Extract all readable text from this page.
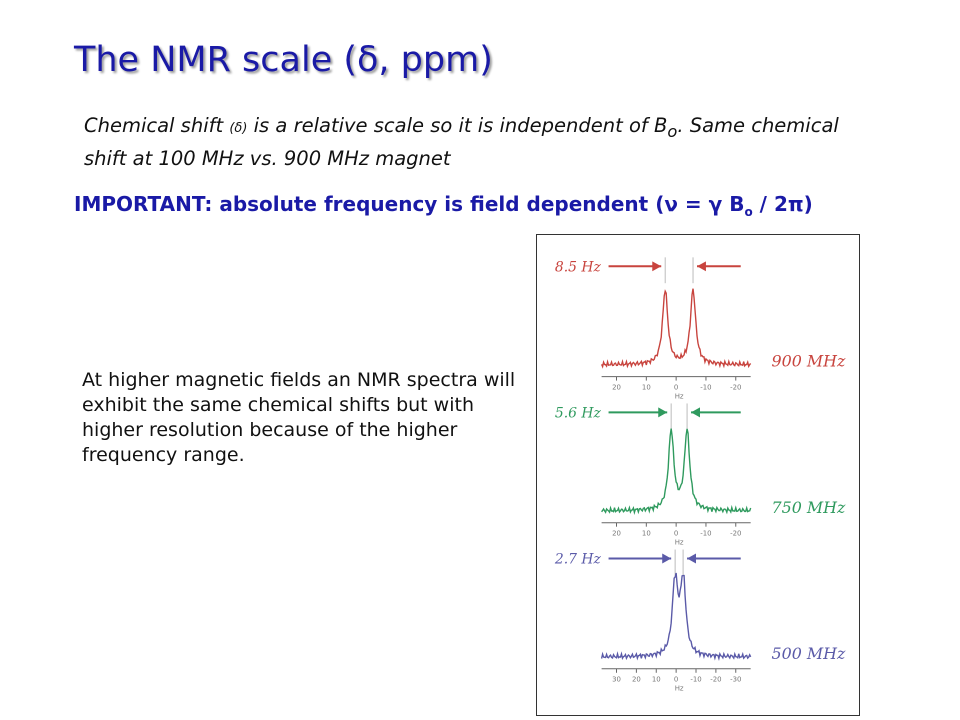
The NMR scale (δ, ppm)
Chemical shift (δ) is a relative scale so it is independent of $B_o$. Same chemical shift at 100 MHz vs. 900 MHz magnet
IMPORTANT: absolute frequency is field dependent (ν = γ $B_o / 2\pi$)
At higher magnetic fields an NMR spectra will exhibit the same chemical shifts but with higher resolution because of the higher frequency range.
8.5 Hz
900 MHz
20	10	0	-10	-20
Hz
5.6 Hz
750 MHz
20	10	0	-10	-20
Hz
2.7 Hz
500 MHz
30 20 10 0 -10 -20 -30
Hz
